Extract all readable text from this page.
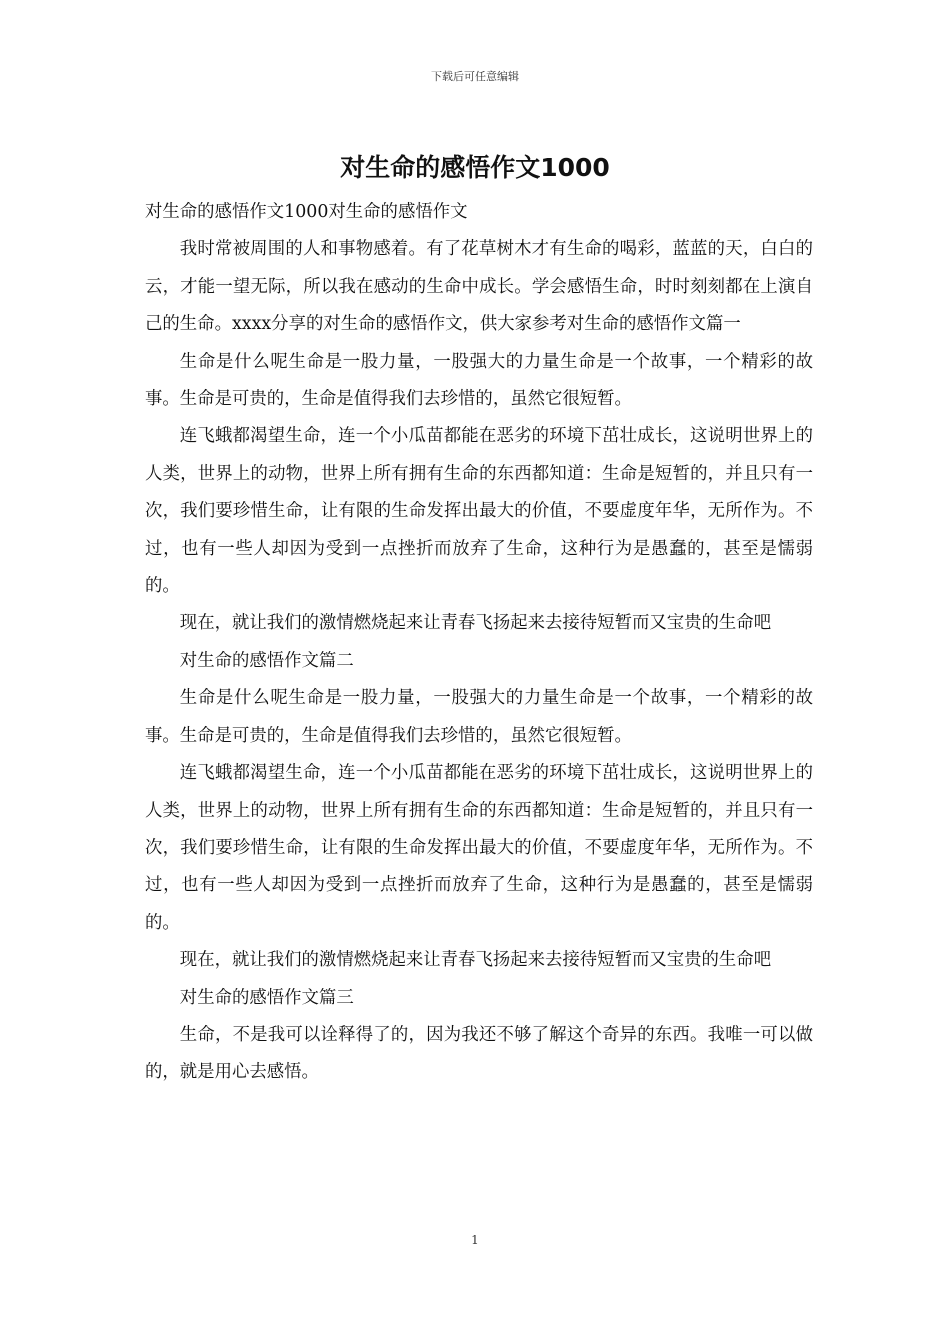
下载后可任意编辑
对生命的感悟作文1000

对生命的感悟作文1000对生命的感悟作文

我时常被周围的人和事物感着。有了花草树木才有生命的喝彩，蓝蓝的天，白白的云，才能一望无际，所以我在感动的生命中成长。学会感悟生命，时时刻刻都在上演自己的生命。xxxx分享的对生命的感悟作文，供大家参考对生命的感悟作文篇一

生命是什么呢生命是一股力量，一股强大的力量生命是一个故事，一个精彩的故事。生命是可贵的，生命是值得我们去珍惜的，虽然它很短暂。

连飞蛾都渴望生命，连一个小瓜苗都能在恶劣的环境下茁壮成长，这说明世界上的人类，世界上的动物，世界上所有拥有生命的东西都知道：生命是短暂的，并且只有一次，我们要珍惜生命，让有限的生命发挥出最大的价值，不要虚度年华，无所作为。不过，也有一些人却因为受到一点挫折而放弃了生命，这种行为是愚蠢的，甚至是懦弱的。

现在，就让我们的激情燃烧起来让青春飞扬起来去接待短暂而又宝贵的生命吧

对生命的感悟作文篇二

生命是什么呢生命是一股力量，一股强大的力量生命是一个故事，一个精彩的故事。生命是可贵的，生命是值得我们去珍惜的，虽然它很短暂。

连飞蛾都渴望生命，连一个小瓜苗都能在恶劣的环境下茁壮成长，这说明世界上的人类，世界上的动物，世界上所有拥有生命的东西都知道：生命是短暂的，并且只有一次，我们要珍惜生命，让有限的生命发挥出最大的价值，不要虚度年华，无所作为。不过，也有一些人却因为受到一点挫折而放弃了生命，这种行为是愚蠢的，甚至是懦弱的。

现在，就让我们的激情燃烧起来让青春飞扬起来去接待短暂而又宝贵的生命吧

对生命的感悟作文篇三

生命，不是我可以诠释得了的，因为我还不够了解这个奇异的东西。我唯一可以做的，就是用心去感悟。

1
